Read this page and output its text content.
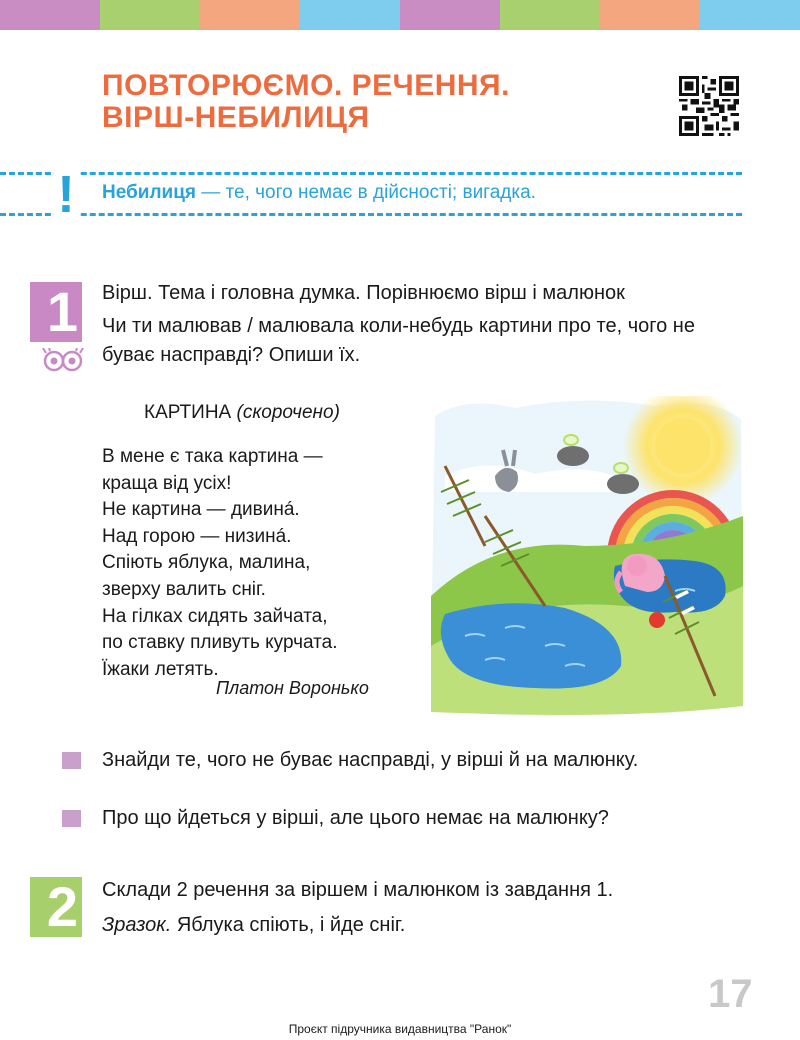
ПОВТОРЮЄМО. РЕЧЕННЯ.
ВІРШ-НЕБИЛИЦЯ
! Небилиця — те, чого немає в дійсності; вигадка.
1 Вірш. Тема і головна думка. Порівнюємо вірш і малюнок
Чи ти малював / малювала коли-небудь картини про те, чого не буває насправді? Опиши їх.
КАРТИНА (скорочено)
В мене є така картина —
краща від усіх!
Не картина — дивинá.
Над горою — низинá.
Спіють яблука, малина,
зверху валить сніг.
На гілках сидять зайчата,
по ставку пливуть курчата.
Їжаки летять.
Платон Воронько
Знайди те, чого не буває насправді, у вірші й на малюнку.
Про що йдеться у вірші, але цього немає на малюнку?
2 Склади 2 речення за віршем і малюнком із завдання 1.
Зразок. Яблука спіють, і йде сніг.
17
Проєкт підручника видавництва "Ранок"
